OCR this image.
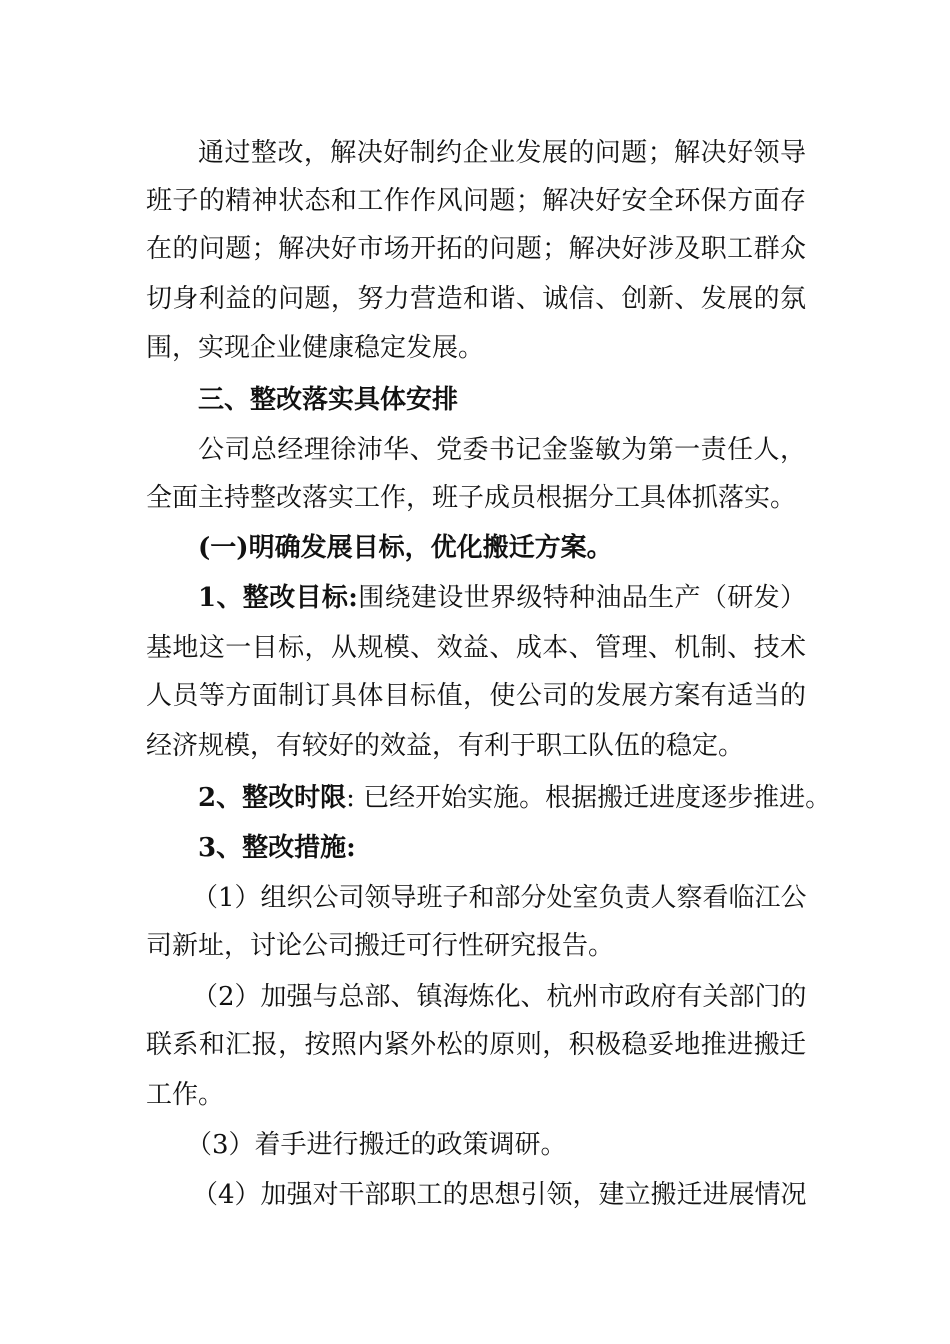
通过整改，解决好制约企业发展的问题；解决好领导
班子的精神状态和工作作风问题；解决好安全环保方面存
在的问题；解决好市场开拓的问题；解决好涉及职工群众
切身利益的问题，努力营造和谐、诚信、创新、发展的氛
围，实现企业健康稳定发展。
三、整改落实具体安排
公司总经理徐沛华、党委书记金鉴敏为第一责任人，
全面主持整改落实工作，班子成员根据分工具体抓落实。
(一)明确发展目标，优化搬迁方案。
1、整改目标:围绕建设世界级特种油品生产（研发）
基地这一目标，从规模、效益、成本、管理、机制、技术
人员等方面制订具体目标值，使公司的发展方案有适当的
经济规模，有较好的效益，有利于职工队伍的稳定。
2、整改时限: 已经开始实施。根据搬迁进度逐步推进。
3、整改措施:
（1）组织公司领导班子和部分处室负责人察看临江公
司新址，讨论公司搬迁可行性研究报告。
（2）加强与总部、镇海炼化、杭州市政府有关部门的
联系和汇报，按照内紧外松的原则，积极稳妥地推进搬迁
工作。
（3）着手进行搬迁的政策调研。
（4）加强对干部职工的思想引领，建立搬迁进展情况
